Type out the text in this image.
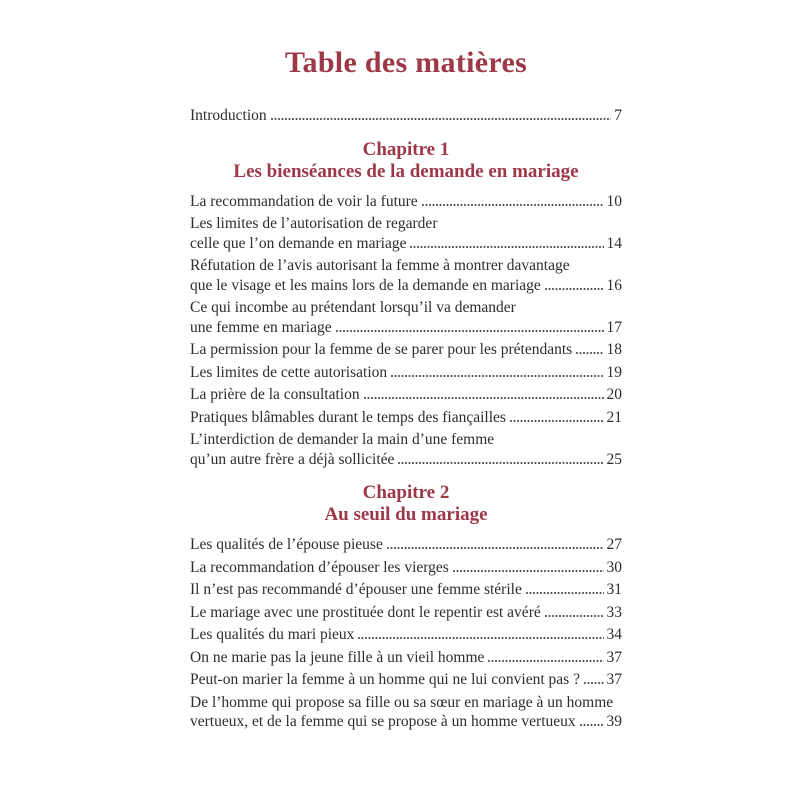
Table des matières
Introduction	7
Chapitre 1
Les bienséances de la demande en mariage
La recommandation de voir la future	10
Les limites de l’autorisation de regarder
celle que l’on demande en mariage	14
Réfutation de l’avis autorisant la femme à montrer davantage
que le visage et les mains lors de la demande en mariage	16
Ce qui incombe au prétendant lorsqu’il va demander
une femme en mariage	17
La permission pour la femme de se parer pour les prétendants 18
Les limites de cette autorisation	19
La prière de la consultation	20
Pratiques blâmables durant le temps des fiançailles	21
L’interdiction de demander la main d’une femme
qu’un autre frère a déjà sollicitée	25
Chapitre 2
Au seuil du mariage
Les qualités de l’épouse pieuse	27
La recommandation d’épouser les vierges	30
Il n’est pas recommandé d’épouser une femme stérile	31
Le mariage avec une prostituée dont le repentir est avéré	33
Les qualités du mari pieux	34
On ne marie pas la jeune fille à un vieil homme	37
Peut-on marier la femme à un homme qui ne lui convient pas ? 37
De l’homme qui propose sa fille ou sa sœur en mariage à un homme
vertueux, et de la femme qui se propose à un homme vertueux 39
